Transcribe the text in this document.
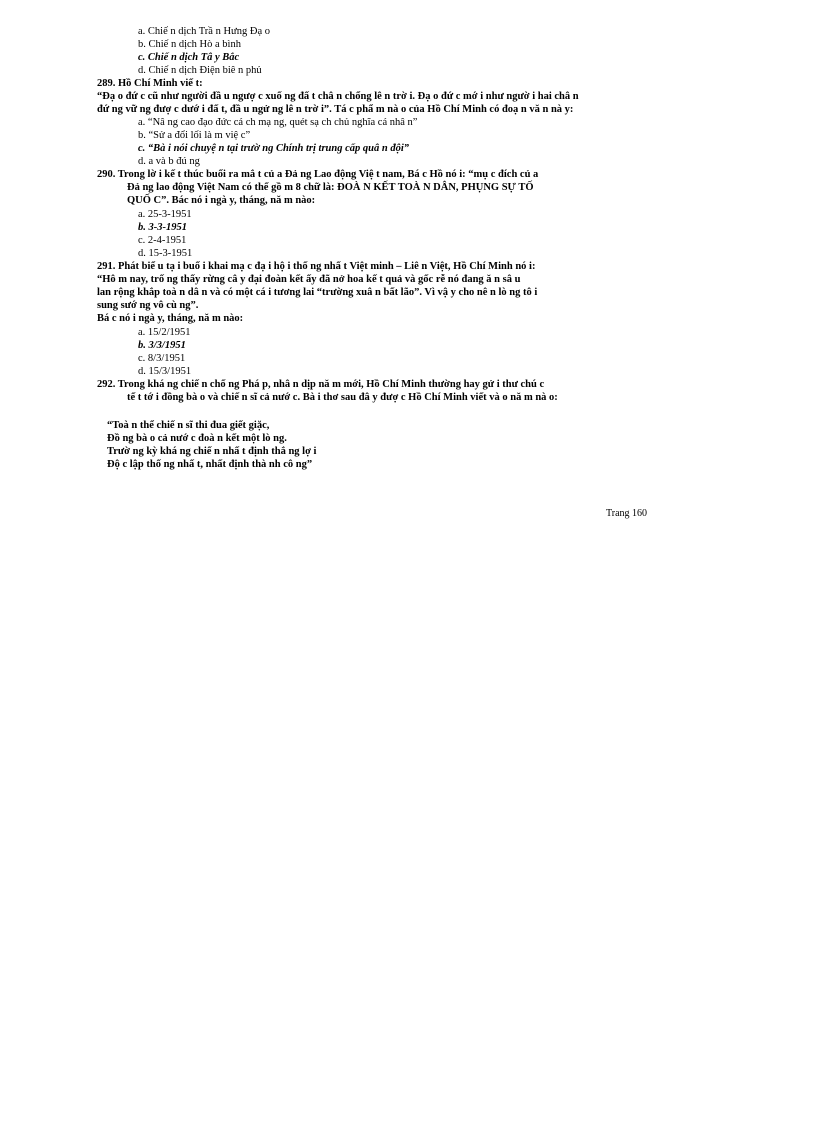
a. Chiế n dịch Trầ n Hưng Đạ o
b. Chiế n dịch Hò a bình
c. Chiế n dịch Tâ y Bắc
d. Chiế n dịch Điện biê n phủ
289. Hồ Chí Minh viế t:
“Đạ o đứ c cũ như người đầ u ngượ c xuố ng đấ t châ n chổng lê n trờ i. Đạ o đứ c mớ i như ngườ i hai châ n
đứ ng vữ ng đượ c dướ i đấ t, đầ u ngử ng lê n trờ i”. Tá c phẩ m nà o của Hồ Chí Minh có đoạ n vă n nà y:
a. “Nâ ng cao đạo đức cá ch mạ ng, quét sạ ch chủ nghĩa cá nhâ n”
b. “Sử a đổi lối là m việ c”
c. “Bà i nói chuyệ n tại trườ ng Chính trị trung cấp quâ n đội”
d. a và b đú ng
290. Trong lờ i kế t thúc buổi ra mắ t củ a Đả ng Lao động Việ t nam, Bá c Hồ nó i: “mụ c đích củ a
Đả ng lao động Việt Nam có thể gồ m 8 chữ là: ĐOÀ N KẾT TOÀ N DÂN, PHỤNG SỰ TỐ
QUỐ C”. Bác nó i ngà y, tháng, nă m nào:
a. 25-3-1951
b. 3-3-1951
c. 2-4-1951
d. 15-3-1951
291. Phát biể u tạ i buổ i khai mạ c đạ i hộ i thố ng nhấ t Việt minh – Liê n Việt, Hồ Chí Minh nó i:
“Hô m nay, trố ng thấy rừng câ y đại đoàn kết ấy đã nở hoa kế t quả và gốc rễ nó đang ă n sâ u
lan rộng khắp toà n dâ n và có một cá i tương lai “trường xuâ n bất lão”. Vì vậ y cho nê n lò ng tô i
sung sướ ng vô cù ng”.
Bá c nó i ngà y, tháng, nă m nào:
a. 15/2/1951
b. 3/3/1951
c. 8/3/1951
d. 15/3/1951
292. Trong khá ng chiế n chố ng Phá p, nhâ n dịp nă m mới, Hồ Chí Minh thường hay gử i thư chú c
tế t tớ i đồng bà o và chiế n sĩ cả nướ c. Bà i thơ sau đâ y đượ c Hồ Chí Minh viết và o nă m nà o:
“Toà n thể chiế n sĩ thi đua giết giặc,
Đồ ng bà o cả nướ c đoà n kết một lò ng.
Trườ ng kỳ khá ng chiế n nhấ t định thắ ng lợ i
Độ c lập thố ng nhấ t, nhất định thà nh cô ng”
Trang 160
